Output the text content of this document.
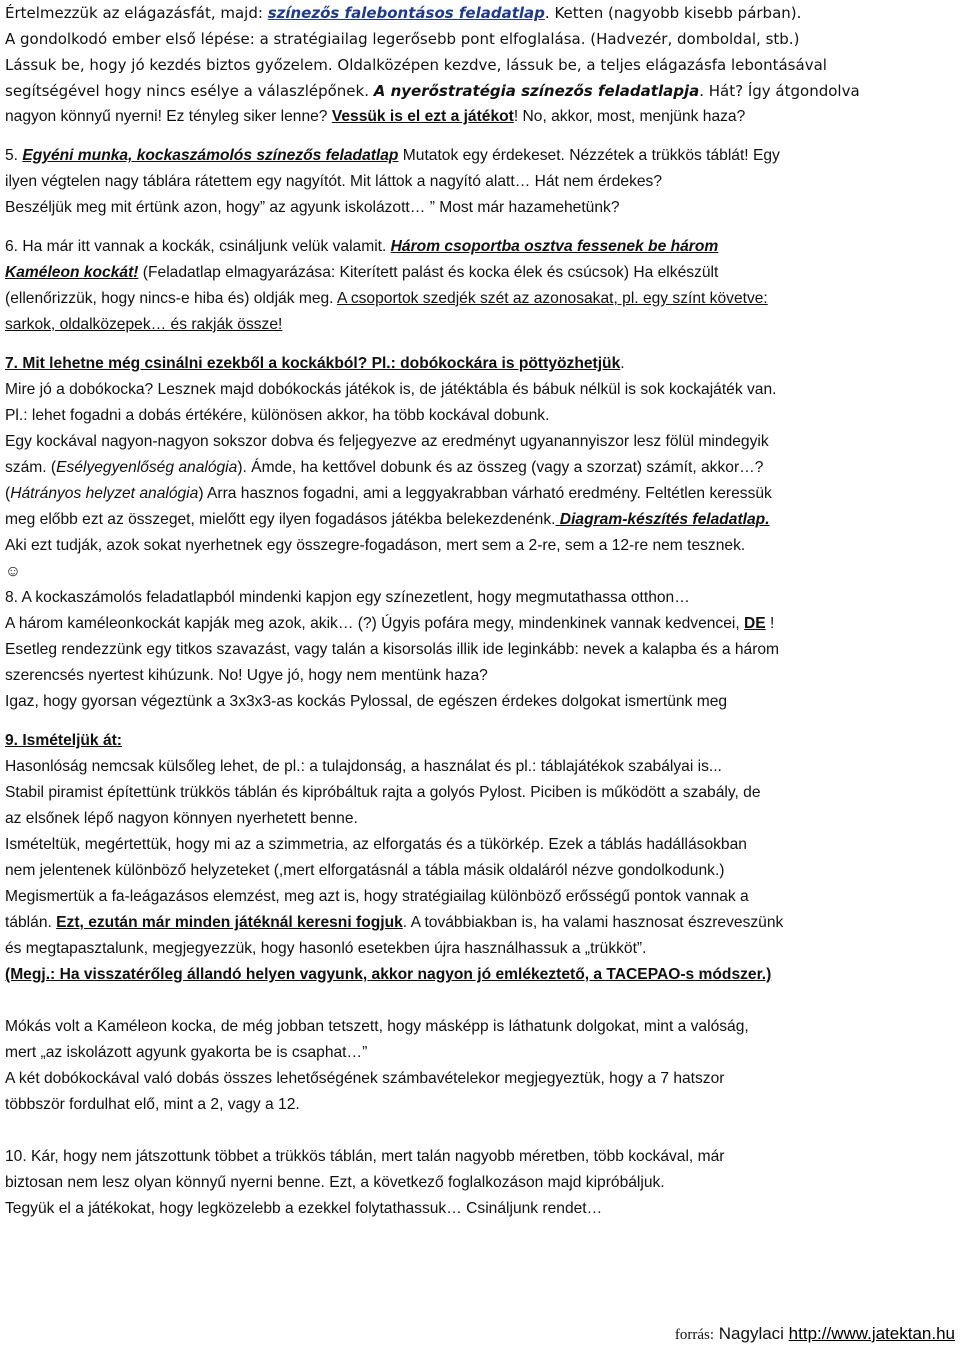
Értelmezzük az elágazásfát, majd: színezős falebontásos feladatlap. Ketten (nagyobb kisebb párban).

A gondolkodó ember első lépése: a stratégiailag legerősebb pont elfoglalása. (Hadvezér, domboldal, stb.)

Lássuk be, hogy jó kezdés biztos győzelem. Oldalközépen kezdve, lássuk be, a teljes elágazásfa lebontásával

segítségével hogy nincs esélye a válaszlépőnek. A nyerőstratégia színezős feladatlapja. Hát? Így átgondolva

nagyon könnyű nyerni! Ez tényleg siker lenne? Vessük is el ezt a játékot! No, akkor, most, menjünk haza?

5. Egyéni munka, kockaszámolós színezős feladatlap Mutatok egy érdekeset. Nézzétek a trükkös táblát! Egy

ilyen végtelen nagy táblára rátettem egy nagyítót. Mit láttok a nagyító alatt… Hát nem érdekes?

Beszéljük meg mit értünk azon, hogy” az agyunk iskolázott… ” Most már hazamehetünk?

6. Ha már itt vannak a kockák, csináljunk velük valamit. Három csoportba osztva fessenek be három

Kaméleon kockát! (Feladatlap elmagyarázása: Kiterített palást és kocka élek és csúcsok) Ha elkészült

(ellenőrizzük, hogy nincs-e hiba és) oldják meg. A csoportok szedjék szét az azonosakat, pl. egy színt követve:

sarkok, oldalközepek… és rakják össze!

7. Mit lehetne még csinálni ezekből a kockákból? Pl.: dobókockára is pöttyözhetjük.

Mire jó a dobókocka? Lesznek majd dobókockás játékok is, de játéktábla és bábuk nélkül is sok kockajáték van.

Pl.: lehet fogadni a dobás értékére, különösen akkor, ha több kockával dobunk.

Egy kockával nagyon-nagyon sokszor dobva és feljegyezve az eredményt ugyanannyiszor lesz fölül mindegyik

szám. (Esélyegyenlőség analógia). Ámde, ha kettővel dobunk és az összeg (vagy a szorzat) számít, akkor…?

(Hátrányos helyzet analógia) Arra hasznos fogadni, ami a leggyakrabban várható eredmény. Feltétlen keressük

meg előbb ezt az összeget, mielőtt egy ilyen fogadásos játékba belekezdenénk. Diagram-készítés feladatlap.

Aki ezt tudják, azok sokat nyerhetnek egy összegre-fogadáson, mert sem a 2-re, sem a 12-re nem tesznek.

☺

8. A kockaszámolós feladatlapból mindenki kapjon egy színezetlent, hogy megmutathassa otthon…

A három kaméleonkockát kapják meg azok, akik… (?) Úgyis pofára megy, mindenkinek vannak kedvencei, DE !

Esetleg rendezzünk egy titkos szavazást, vagy talán a kisorsolás illik ide leginkább: nevek a kalapba és a három

szerencsés nyertest kihúzunk. No! Ugye jó, hogy nem mentünk haza?

Igaz, hogy gyorsan végeztünk a 3x3x3-as kockás Pylossal, de egészen érdekes dolgokat ismertünk meg

9. Ismételjük át:

Hasonlóság nemcsak külsőleg lehet, de pl.: a tulajdonság, a használat és pl.: táblajátékok szabályai is...

Stabil piramist építettünk trükkös táblán és kipróbáltuk rajta a golyós Pylost. Piciben is működött a szabály, de

az elsőnek lépő nagyon könnyen nyerhetett benne.

Ismételtük, megértettük, hogy mi az a szimmetria, az elforgatás és a tükörkép. Ezek a táblás hadállásokban

nem jelentenek különböző helyzeteket (,mert elforgatásnál a tábla másik oldaláról nézve gondolkodunk.)

Megismertük a fa-leágazásos elemzést, meg azt is, hogy stratégiailag különböző erősségű pontok vannak a

táblán. Ezt, ezután már minden játéknál keresni fogjuk. A továbbiakban is, ha valami hasznosat észreveszünk

és megtapasztalunk, megjegyezzük, hogy hasonló esetekben újra használhassuk a „trükköt”.

(Megj.: Ha visszatérőleg állandó helyen vagyunk, akkor nagyon jó emlékeztető, a TACEPAO-s módszer.)

Mókás volt a Kaméleon kocka, de még jobban tetszett, hogy másképp is láthatunk dolgokat, mint a valóság,

mert „az iskolázott agyunk gyakorta be is csaphat…”

A két dobókockával való dobás összes lehetőségének számbavételekor megjegyeztük, hogy a 7 hatszor

többször fordulhat elő, mint a 2, vagy a 12.

10. Kár, hogy nem játszottunk többet a trükkös táblán, mert talán nagyobb méretben, több kockával, már

biztosan nem lesz olyan könnyű nyerni benne. Ezt, a következő foglalkozáson majd kipróbáljuk.

Tegyük el a játékokat, hogy legközelebb a ezekkel folytathassuk… Csináljunk rendet…

forrás: Nagylaci http://www.jatektan.hu
